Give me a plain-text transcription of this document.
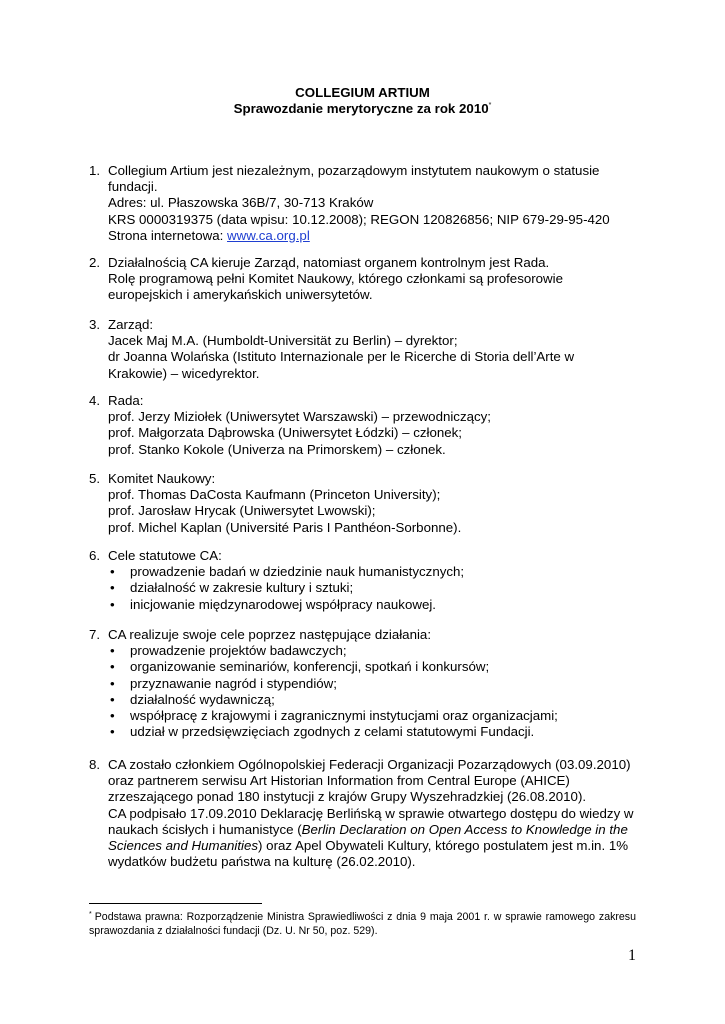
COLLEGIUM ARTIUM
Sprawozdanie merytoryczne za rok 2010*
1. Collegium Artium jest niezależnym, pozarządowym instytutem naukowym o statusie
fundacji.
Adres: ul. Płaszowska 36B/7, 30-713 Kraków
KRS 0000319375 (data wpisu: 10.12.2008); REGON 120826856; NIP 679-29-95-420
Strona internetowa: www.ca.org.pl
2. Działalnością CA kieruje Zarząd, natomiast organem kontrolnym jest Rada.
Rolę programową pełni Komitet Naukowy, którego członkami są profesorowie
europejskich i amerykańskich uniwersytetów.
3. Zarząd:
Jacek Maj M.A. (Humboldt-Universität zu Berlin) – dyrektor;
dr Joanna Wolańska (Istituto Internazionale per le Ricerche di Storia dell’Arte w
Krakowie) – wicedyrektor.
4. Rada:
prof. Jerzy Miziołek (Uniwersytet Warszawski) – przewodniczący;
prof. Małgorzata Dąbrowska (Uniwersytet Łódzki) – członek;
prof. Stanko Kokole (Univerza na Primorskem) – członek.
5. Komitet Naukowy:
prof. Thomas DaCosta Kaufmann (Princeton University);
prof. Jarosław Hrycak (Uniwersytet Lwowski);
prof. Michel Kaplan (Université Paris I Panthéon-Sorbonne).
6. Cele statutowe CA:
• prowadzenie badań w dziedzinie nauk humanistycznych;
• działalność w zakresie kultury i sztuki;
• inicjowanie międzynarodowej współpracy naukowej.
7. CA realizuje swoje cele poprzez następujące działania:
• prowadzenie projektów badawczych;
• organizowanie seminariów, konferencji, spotkań i konkursów;
• przyznawanie nagród i stypendiów;
• działalność wydawniczą;
• współpracę z krajowymi i zagranicznymi instytucjami oraz organizacjami;
• udział w przedsięwzięciach zgodnych z celami statutowymi Fundacji.
8. CA zostało członkiem Ogólnopolskiej Federacji Organizacji Pozarządowych (03.09.2010)
oraz partnerem serwisu Art Historian Information from Central Europe (AHICE)
zrzeszającego ponad 180 instytucji z krajów Grupy Wyszehradzkiej (26.08.2010).
CA podpisało 17.09.2010 Deklarację Berlińską w sprawie otwartego dostępu do wiedzy w
naukach ścisłych i humanistyce (Berlin Declaration on Open Access to Knowledge in the
Sciences and Humanities) oraz Apel Obywateli Kultury, którego postulatem jest m.in. 1%
wydatków budżetu państwa na kulturę (26.02.2010).
* Podstawa prawna: Rozporządzenie Ministra Sprawiedliwości z dnia 9 maja 2001 r. w sprawie ramowego zakresu sprawozdania z działalności fundacji (Dz. U. Nr 50, poz. 529).
1
